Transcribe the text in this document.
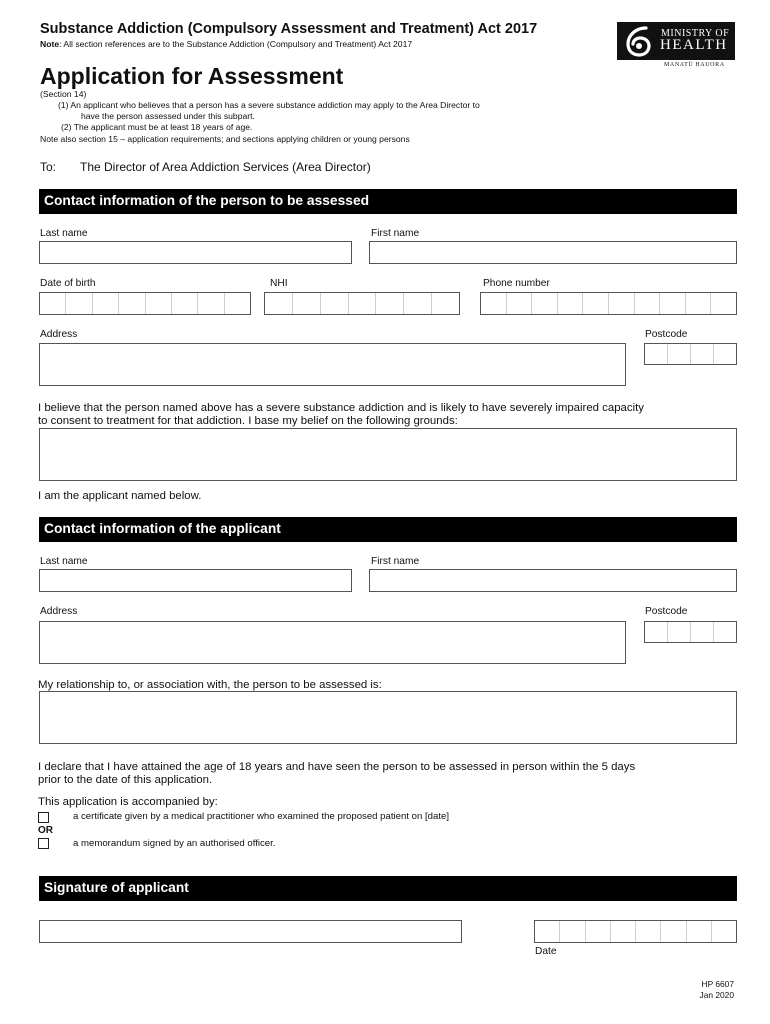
Substance Addiction (Compulsory Assessment and Treatment) Act 2017
Note: All section references are to the Substance Addiction (Compulsory and Treatment) Act 2017
MINISTRY OF
HEALTH
MANATŪ HAUORA
Application for Assessment
(Section 14)
(1) An applicant who believes that a person has a severe substance addiction may apply to the Area Director to
have the person assessed under this subpart.
(2) The applicant must be at least 18 years of age.
Note also section 15 – application requirements; and sections applying children or young persons
To: The Director of Area Addiction Services (Area Director)
Contact information of the person to be assessed
Last name	First name
Date of birth	NHI	Phone number
Address	Postcode
I believe that the person named above has a severe substance addiction and is likely to have severely impaired capacity
to consent to treatment for that addiction. I base my belief on the following grounds:
I am the applicant named below.
Contact information of the applicant
Last name	First name
Address	Postcode
My relationship to, or association with, the person to be assessed is:
I declare that I have attained the age of 18 years and have seen the person to be assessed in person within the 5 days
prior to the date of this application.
This application is accompanied by:
a certificate given by a medical practitioner who examined the proposed patient on [date]
OR
a memorandum signed by an authorised officer.
Signature of applicant
Date
HP 6607
Jan 2020
